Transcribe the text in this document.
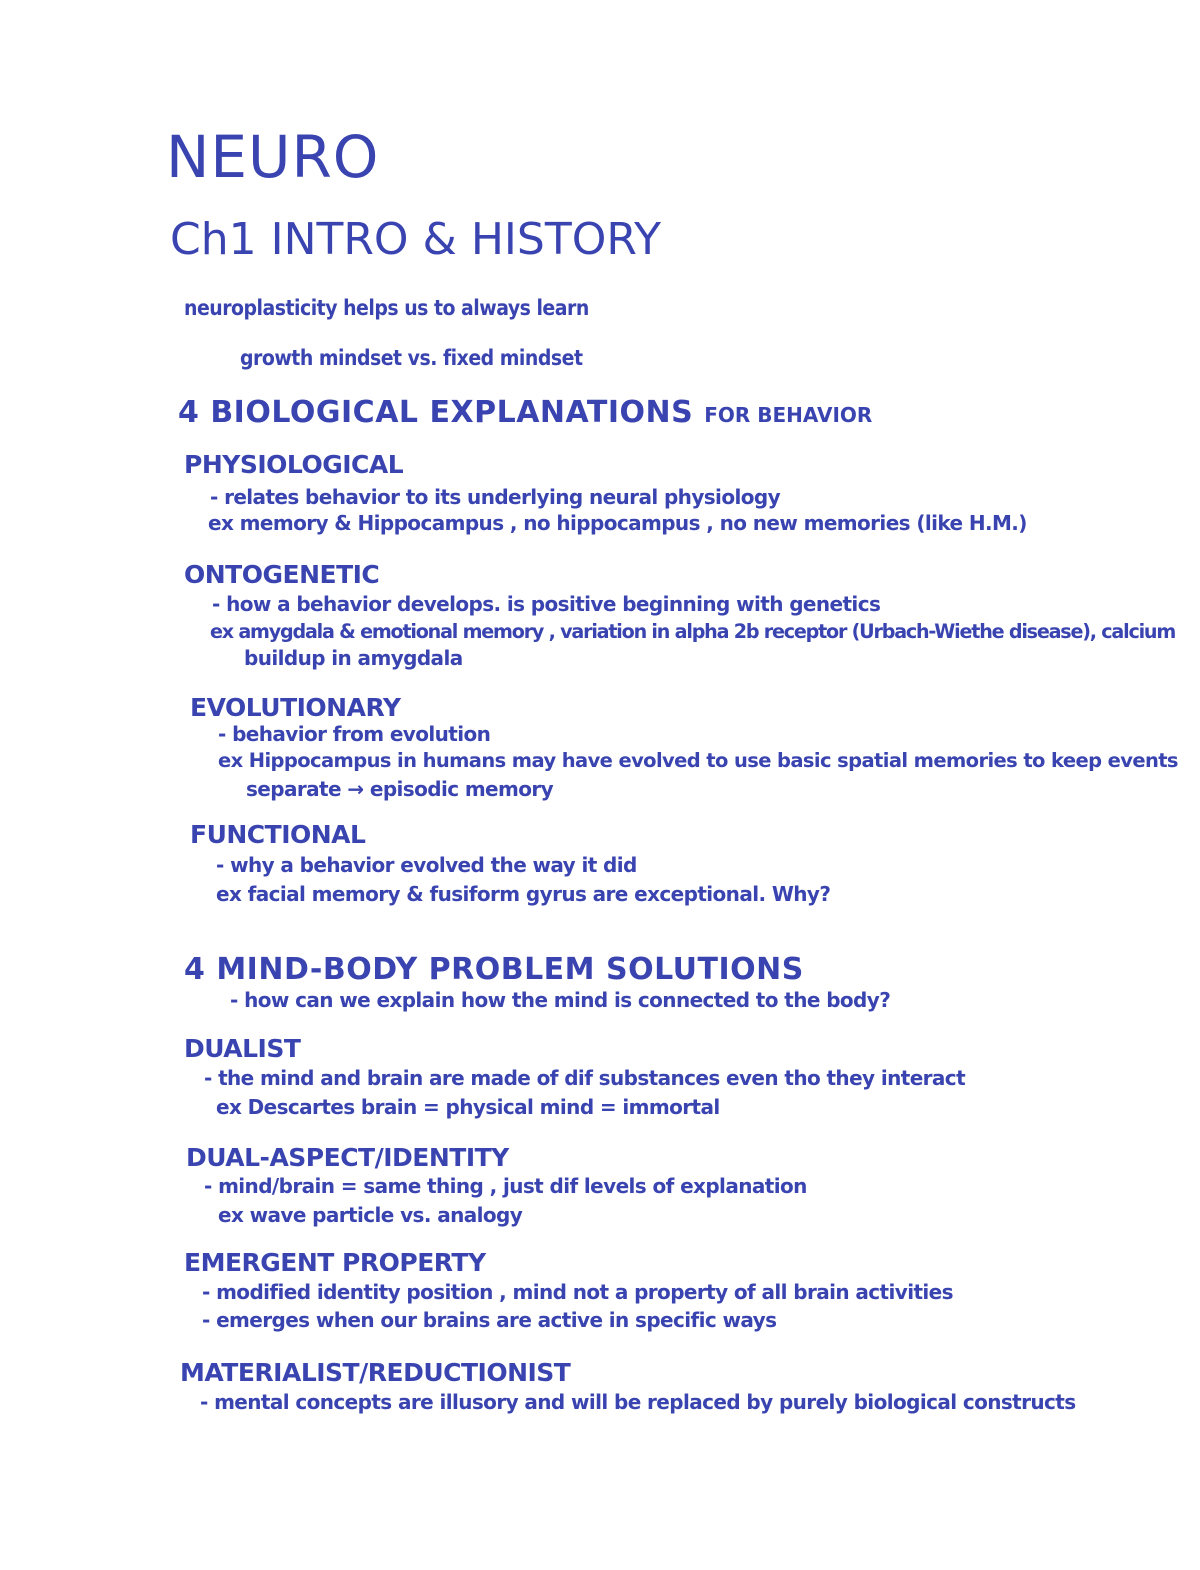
NEURO
Ch1 INTRO & HISTORY
neuroplasticity helps us to always learn
growth mindset vs. fixed mindset
4 BIOLOGICAL EXPLANATIONS FOR BEHAVIOR
PHYSIOLOGICAL
- relates behavior to its underlying neural physiology
ex memory & Hippocampus , no hippocampus , no new memories (like H.M.)
ONTOGENETIC
- how a behavior develops. is positive beginning with genetics
ex amygdala & emotional memory , variation in alpha 2b receptor (Urbach-Wiethe disease), calcium
buildup in amygdala
EVOLUTIONARY
- behavior from evolution
ex Hippocampus in humans may have evolved to use basic spatial memories to keep events
separate → episodic memory
FUNCTIONAL
- why a behavior evolved the way it did
ex facial memory & fusiform gyrus are exceptional. Why?
4 MIND-BODY PROBLEM SOLUTIONS
- how can we explain how the mind is connected to the body?
DUALIST
- the mind and brain are made of dif substances even tho they interact
ex Descartes brain = physical mind = immortal
DUAL-ASPECT/IDENTITY
- mind/brain = same thing , just dif levels of explanation
ex wave particle vs. analogy
EMERGENT PROPERTY
- modified identity position , mind not a property of all brain activities
- emerges when our brains are active in specific ways
MATERIALIST/REDUCTIONIST
- mental concepts are illusory and will be replaced by purely biological constructs
